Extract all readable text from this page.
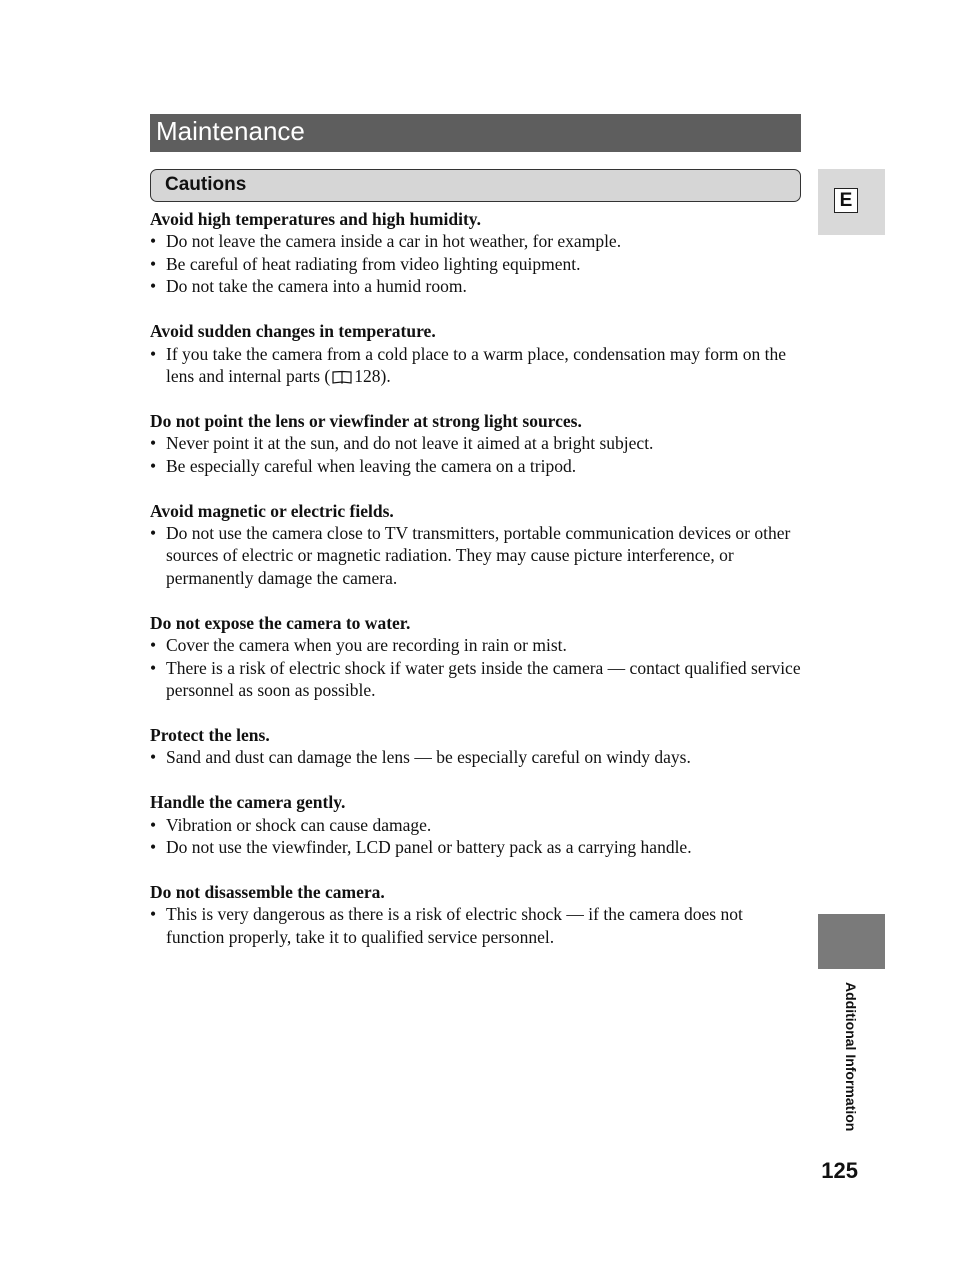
Maintenance
Cautions
E
Avoid high temperatures and high humidity.
• Do not leave the camera inside a car in hot weather, for example.
• Be careful of heat radiating from video lighting equipment.
• Do not take the camera into a humid room.
Avoid sudden changes in temperature.
• If you take the camera from a cold place to a warm place, condensation may form on the lens and internal parts ( 128).
Do not point the lens or viewfinder at strong light sources.
• Never point it at the sun, and do not leave it aimed at a bright subject.
• Be especially careful when leaving the camera on a tripod.
Avoid magnetic or electric fields.
• Do not use the camera close to TV transmitters, portable communication devices or other sources of electric or magnetic radiation. They may cause picture interference, or permanently damage the camera.
Do not expose the camera to water.
• Cover the camera when you are recording in rain or mist.
• There is a risk of electric shock if water gets inside the camera — contact qualified service personnel as soon as possible.
Protect the lens.
• Sand and dust can damage the lens — be especially careful on windy days.
Handle the camera gently.
• Vibration or shock can cause damage.
• Do not use the viewfinder, LCD panel or battery pack as a carrying handle.
Do not disassemble the camera.
• This is very dangerous as there is a risk of electric shock — if the camera does not function properly, take it to qualified service personnel.
Additional Information
125
